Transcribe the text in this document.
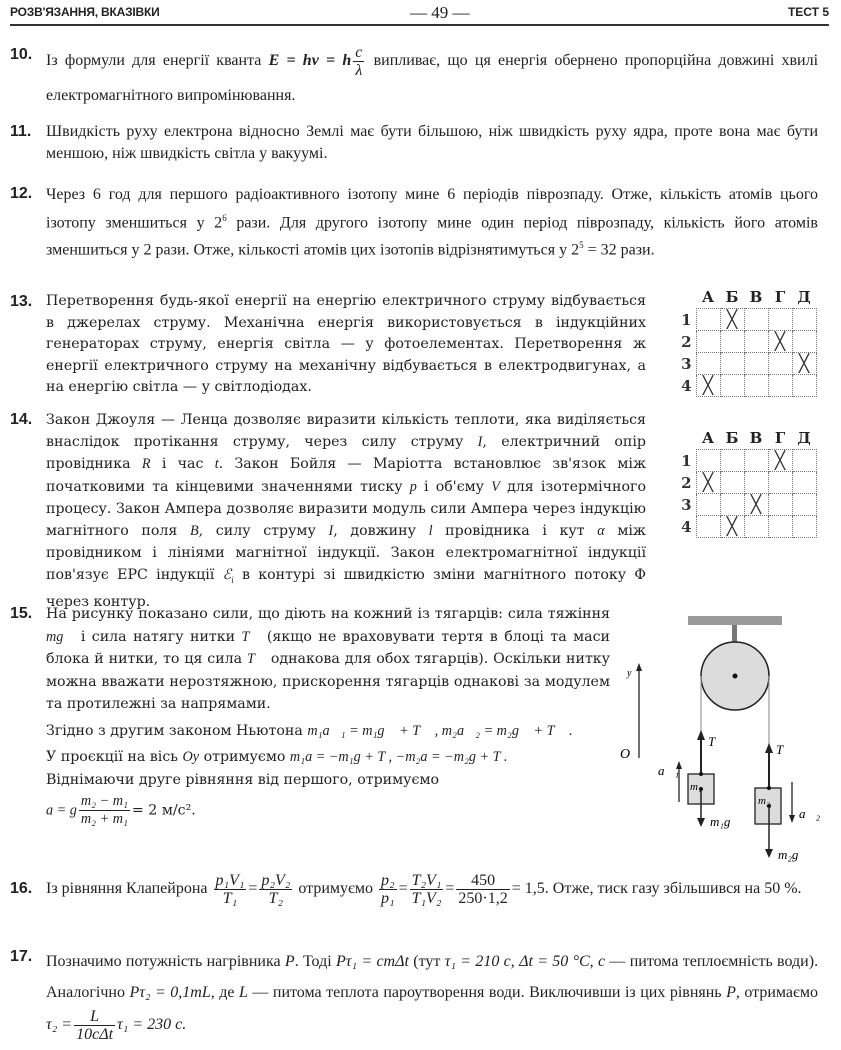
РОЗВ'ЯЗАННЯ, ВКАЗІВКИ	— 49 —	ТЕСТ 5
10. Із формули для енергії кванта E = hν = h $\frac{c}{\lambda}$ випливає, що ця енергія обернено пропорційна довжині хвилі електромагнітного випромінювання.
11. Швидкість руху електрона відносно Землі має бути більшою, ніж швидкість руху ядра, проте вона має бути меншою, ніж швидкість світла у вакуумі.
12. Через 6 год для першого радіоактивного ізотопу мине 6 періодів піврозпаду. Отже, кількість атомів цього ізотопу зменшиться у $2^6$ рази. Для другого ізотопу мине один період піврозпаду, кількість його атомів зменшиться у 2 рази. Отже, кількості атомів цих ізотопів відрізнятимуться у $2^5 = 32$ рази.
13. Перетворення будь-якої енергії на енергію електричного струму відбувається в джерелах струму. Механічна енергія використовується в індукційних генераторах струму, енергія світла — у фотоелементах. Перетворення ж енергії електричного струму на механічну відбувається в електродвигунах, а на енергію світла — у світлодіодах.
	А	Б	В	Г	Д
1		╳			
2				╳	
3					╳
4	╳				
	А	Б	В	Г	Д
1				╳	
2	╳				
3			╳		
4		╳			
14. Закон Джоуля — Ленца дозволяє виразити кількість теплоти, яка виділяється внаслідок протікання струму, через силу струму I, електричний опір провідника R і час t. Закон Бойля — Маріотта встановлює зв'язок між початковими та кінцевими значеннями тиску p і об'єму V для ізотермічного процесу. Закон Ампера дозволяє виразити модуль сили Ампера через індукцію магнітного поля B, силу струму I, довжину l провідника і кут α між провідником і лініями магнітної індукції. Закон електромагнітної індукції пов'язує ЕРС індукції ℰ$_i$ в контурі зі швидкістю зміни магнітного потоку Φ через контур.
15. На рисунку показано сили, що діють на кожний із тягарців: сила тяжіння mg⃗ і сила натягу нитки T⃗ (якщо не враховувати тертя в блоці та маси блока й нитки, то ця сила T⃗ однакова для обох тягарців). Оскільки нитку можна вважати нерозтяжною, прискорення тягарців однакові за модулем та протилежні за напрямами.
Згідно з другим законом Ньютона m₁a⃗₁ = m₁g⃗ + T⃗ , m₂a⃗₂ = m₂g⃗ + T⃗ .
У проєкції на вісь Oy отримуємо m₁a = −m₁g + T , −m₂a = −m₂g + T .
Віднімаючи друге рівняння від першого, отримуємо
a = g $\frac{\text{m₂ − m₁}}{\text{m₂ + m₁}} = 2$ м/с².
y
O
T⃗
m₁
m₁g⃗
a⃗₁
T⃗
m₂
m₂g⃗
a⃗₂
16. Із рівняння Клапейрона $\frac{\text{p₁V₁}}{\text{T₁}} = \frac{\text{p₂V₂}}{\text{T₂}}$ отримуємо $\frac{\text{p₂}}{\text{p₁}} = \frac{\text{T₂V₁}}{\text{T₁V₂}} = \frac{450}{250\cdot 1,2} = 1,5$. Отже, тиск газу збільшився на 50 %.
17. Позначимо потужність нагрівника P. Тоді Pτ₁ = cmΔt (тут τ₁ = 210 с, Δt = 50 °C, c — питома теплоємність води). Аналогічно Pτ₂ = 0,1mL, де L — питома теплота пароутворення води. Виключивши із цих рівнянь P, отримаємо $\tau_2 = \frac{L}{\text{10cΔt}} \tau_1 = 230$ с.
